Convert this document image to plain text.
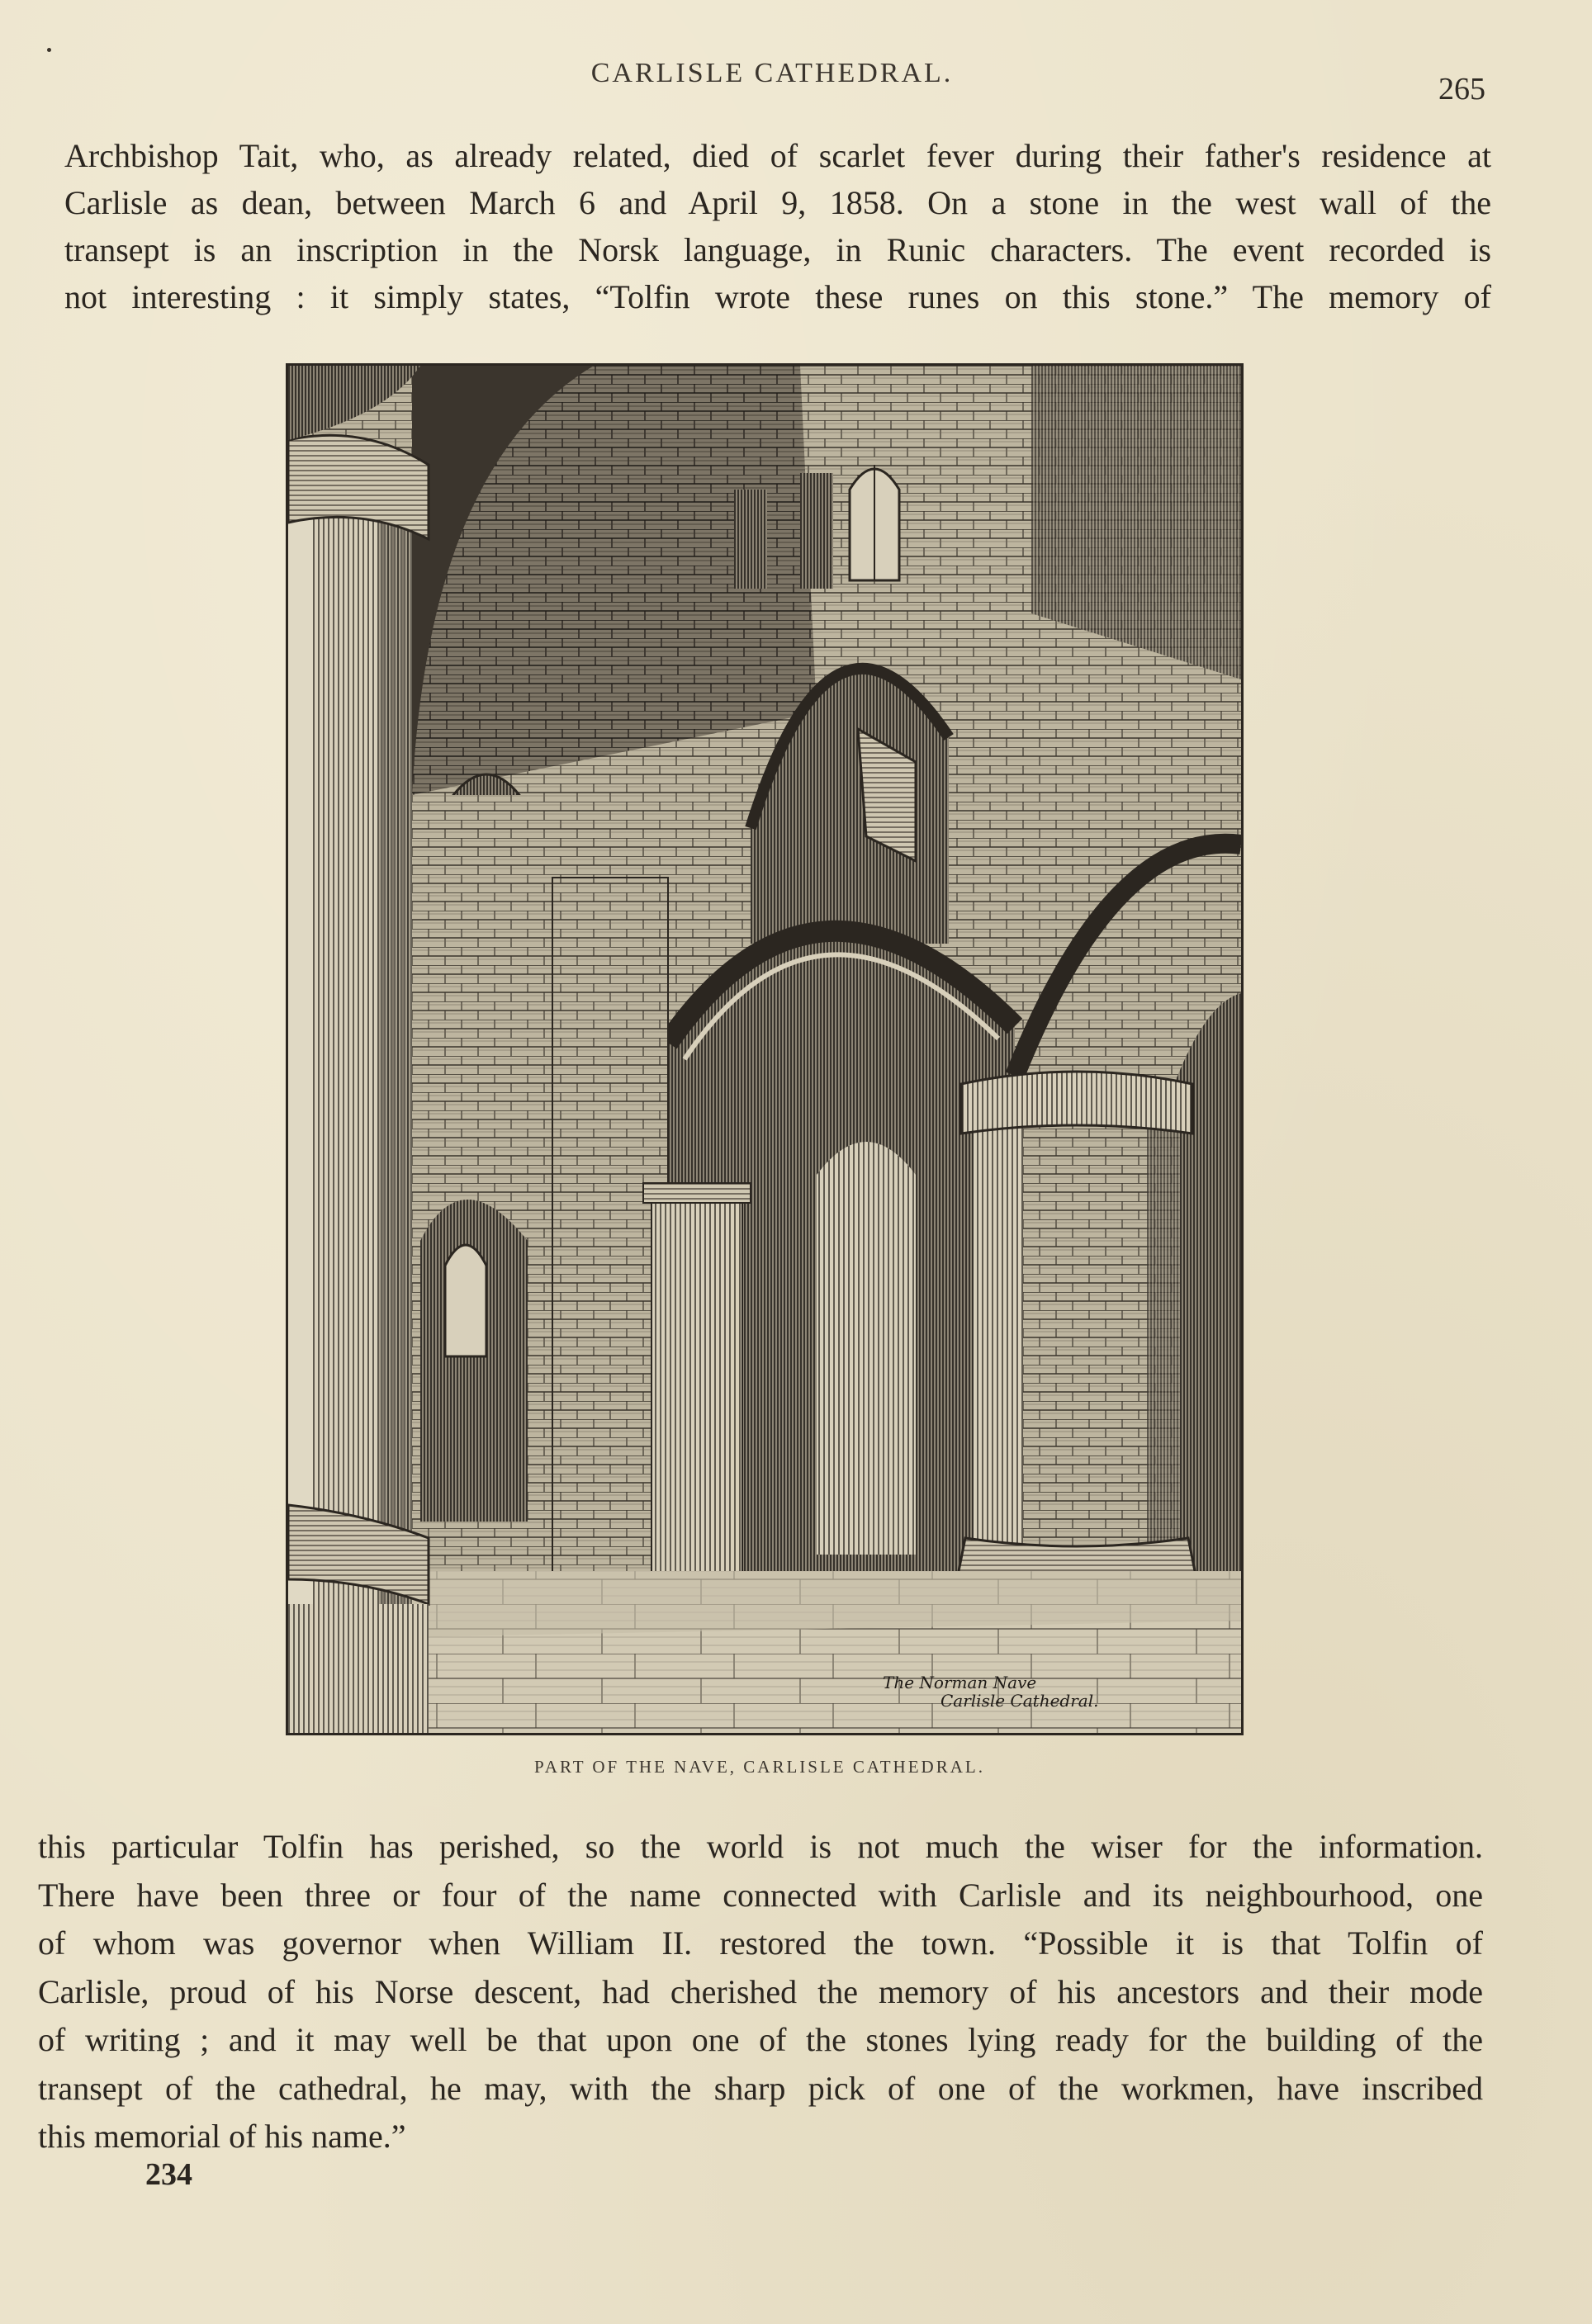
CARLISLE CATHEDRAL.	265
Archbishop Tait, who, as already related, died of scarlet fever during their father's residence at
Carlisle as dean, between March 6 and April 9, 1858. On a stone in the west wall of the
transept is an inscription in the Norsk language, in Runic characters. The event recorded is
not interesting : it simply states, “Tolfin wrote these runes on this stone.” The memory of
The Norman Nave
Carlisle Cathedral.
PART OF THE NAVE, CARLISLE CATHEDRAL.
this particular Tolfin has perished, so the world is not much the wiser for the information.
There have been three or four of the name connected with Carlisle and its neighbourhood, one
of whom was governor when William II. restored the town. “Possible it is that Tolfin of
Carlisle, proud of his Norse descent, had cherished the memory of his ancestors and their mode
of writing ; and it may well be that upon one of the stones lying ready for the building of the
transept of the cathedral, he may, with the sharp pick of one of the workmen, have inscribed
this memorial of his name.”
234
